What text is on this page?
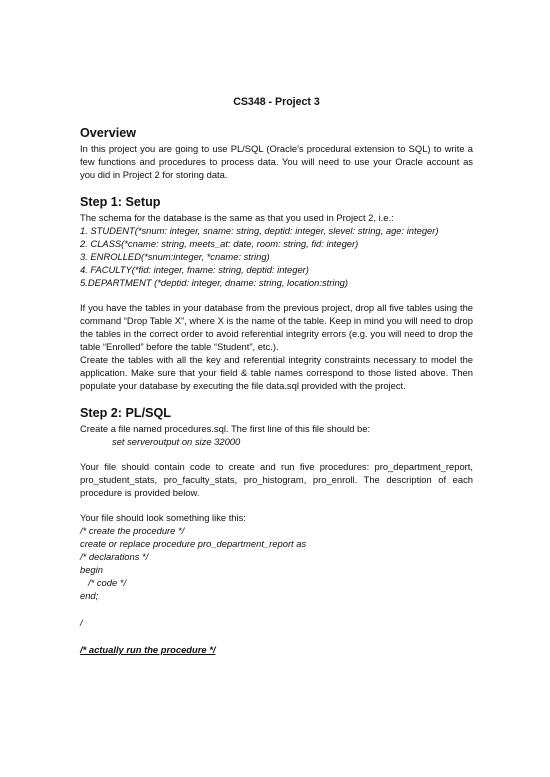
CS348 - Project 3
Overview

In this project you are going to use PL/SQL (Oracle's procedural extension to SQL) to write a few functions and procedures to process data. You will need to use your Oracle account as you did in Project 2 for storing data.

Step 1: Setup

The schema for the database is the same as that you used in Project 2, i.e.:

1. STUDENT(*snum: integer, sname: string, deptid: integer, slevel: string, age: integer)
2. CLASS(*cname: string, meets_at: date, room: string, fid: integer)
3. ENROLLED(*snum:integer, *cname: string)
4. FACULTY(*fid: integer, fname: string, deptid: integer)
5.DEPARTMENT (*deptid: integer, dname: string, location:string)

If you have the tables in your database from the previous project, drop all five tables using the command “Drop Table X”, where X is the name of the table. Keep in mind you will need to drop the tables in the correct order to avoid referential integrity errors (e.g. you will need to drop the table “Enrolled” before the table “Student”, etc.).

Create the tables with all the key and referential integrity constraints necessary to model the application. Make sure that your field & table names correspond to those listed above. Then populate your database by executing the file data.sql provided with the project.

Step 2: PL/SQL

Create a file named procedures.sql. The first line of this file should be:

set serveroutput on size 32000

Your file should contain code to create and run five procedures: pro_department_report, pro_student_stats, pro_faculty_stats, pro_histogram, pro_enroll. The description of each procedure is provided below.

Your file should look something like this:

/* create the procedure */
create or replace procedure pro_department_report as
/* declarations */
begin
/* code */
end;
/
/* actually run the procedure */
